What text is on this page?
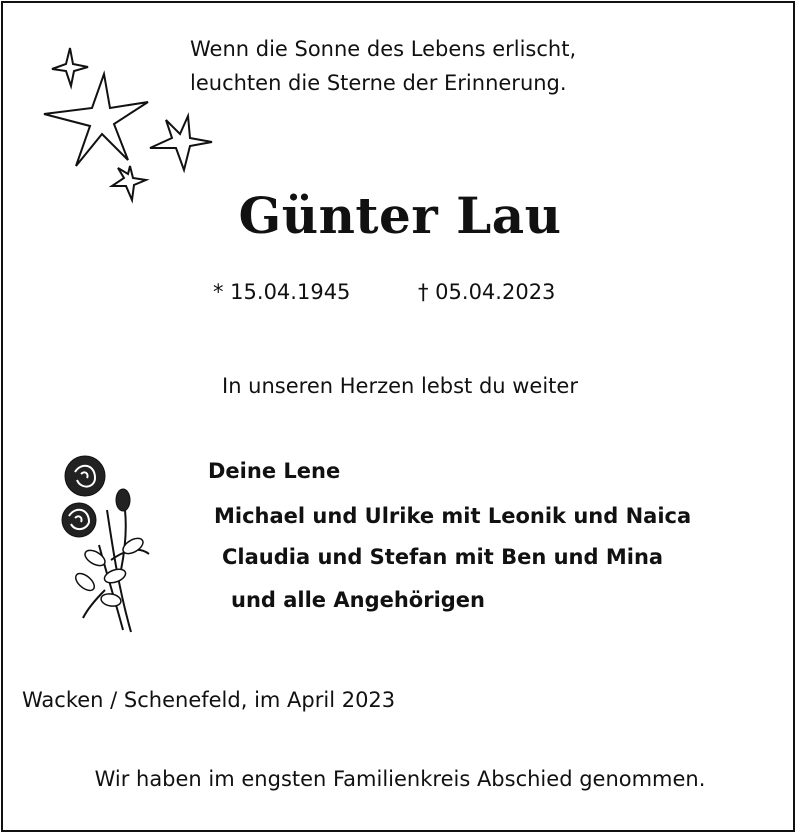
Wenn die Sonne des Lebens erlischt,
leuchten die Sterne der Erinnerung.
Günter Lau
* 15.04.1945	† 05.04.2023
In unseren Herzen lebst du weiter
Deine Lene
Michael und Ulrike mit Leonik und Naica
Claudia und Stefan mit Ben und Mina
und alle Angehörigen
Wacken / Schenefeld, im April 2023
Wir haben im engsten Familienkreis Abschied genommen.
